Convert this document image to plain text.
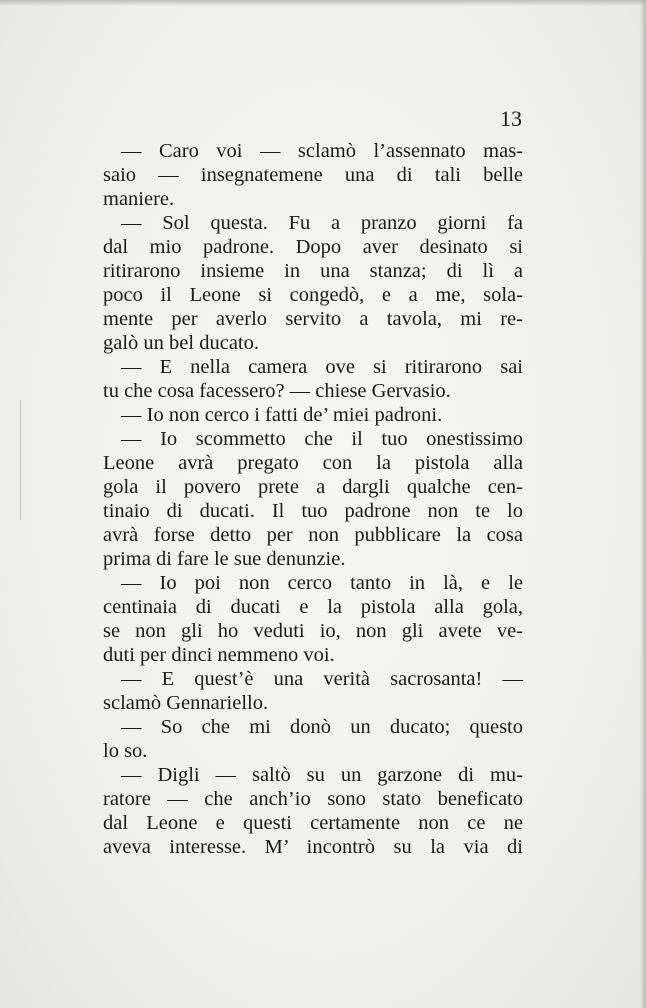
13
— Caro voi — sclamò l’assennato mas-
saio — insegnatemene una di tali belle
maniere.
— Sol questa. Fu a pranzo giorni fa
dal mio padrone. Dopo aver desinato si
ritirarono insieme in una stanza; di lì a
poco il Leone si congedò, e a me, sola-
mente per averlo servito a tavola, mi re-
galò un bel ducato.
— E nella camera ove si ritirarono sai
tu che cosa facessero? — chiese Gervasio.
— Io non cerco i fatti de’ miei padroni.
— Io scommetto che il tuo onestissimo
Leone avrà pregato con la pistola alla
gola il povero prete a dargli qualche cen-
tinaio di ducati. Il tuo padrone non te lo
avrà forse detto per non pubblicare la cosa
prima di fare le sue denunzie.
— Io poi non cerco tanto in là, e le
centinaia di ducati e la pistola alla gola,
se non gli ho veduti io, non gli avete ve-
duti per dinci nemmeno voi.
— E quest’è una verità sacrosanta! —
sclamò Gennariello.
— So che mi donò un ducato; questo
lo so.
— Digli — saltò su un garzone di mu-
ratore — che anch’io sono stato beneficato
dal Leone e questi certamente non ce ne
aveva interesse. M’ incontrò su la via di
